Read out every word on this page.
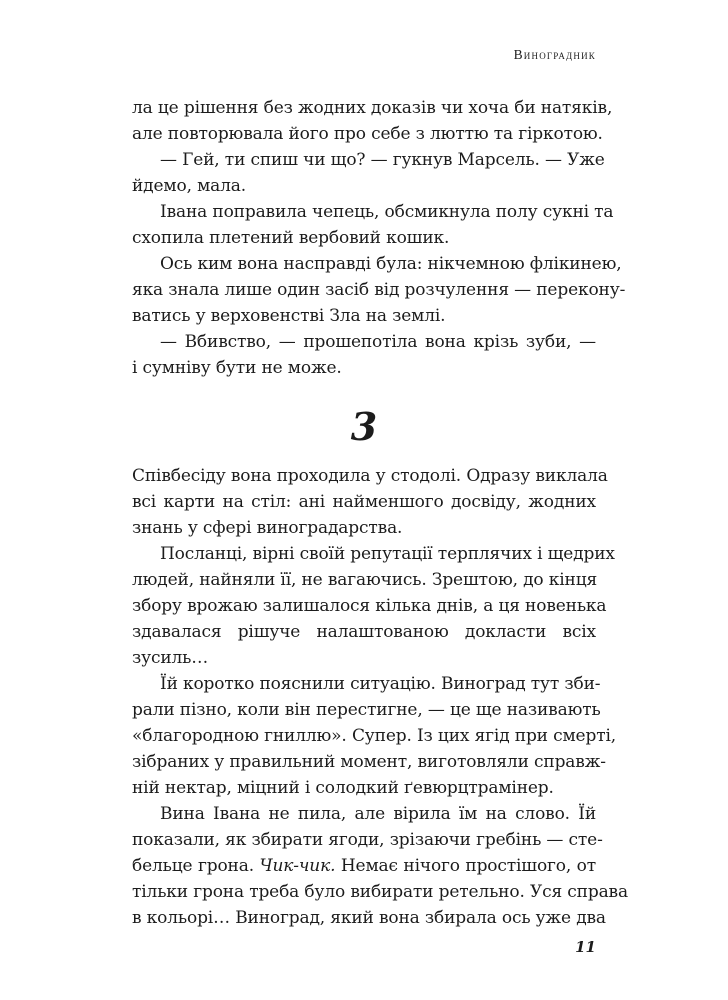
Виноградник
ла це рішення без жодних доказів чи хоча би натяків,
але повторювала його про себе з люттю та гіркотою.
— Гей, ти спиш чи що? — гукнув Марсель. — Уже
йдемо, мала.
Івана поправила чепець, обсмикнула полу сукні та
схопила плетений вербовий кошик.
Ось ким вона насправді була: нікчемною флікинею,
яка знала лише один засіб від розчулення — перекону-
ватись у верховенстві Зла на землі.
— Вбивство, — прошепотіла вона крізь зуби, —
і сумніву бути не може.
3
Співбесіду вона проходила у стодолі. Одразу виклала
всі карти на стіл: ані найменшого досвіду, жодних
знань у сфері виноградарства.
Посланці, вірні своїй репутації терплячих і щедрих
людей, найняли її, не вагаючись. Зрештою, до кінця
збору врожаю залишалося кілька днів, а ця новенька
здавалася рішуче налаштованою докласти всіх
зусиль…
Їй коротко пояснили ситуацію. Виноград тут зби-
рали пізно, коли він перестигне, — це ще називають
«благородною гниллю». Супер. Із цих ягід при смерті,
зібраних у правильний момент, виготовляли справж-
ній нектар, міцний і солодкий ґевюрцтрамінер.
Вина Івана не пила, але вірила їм на слово. Їй
показали, як збирати ягоди, зрізаючи гребінь — сте-
бельце грона. Чик-чик. Немає нічого простішого, от
тільки грона треба було вибирати ретельно. Уся справа
в кольорі… Виноград, який вона збирала ось уже два
11
